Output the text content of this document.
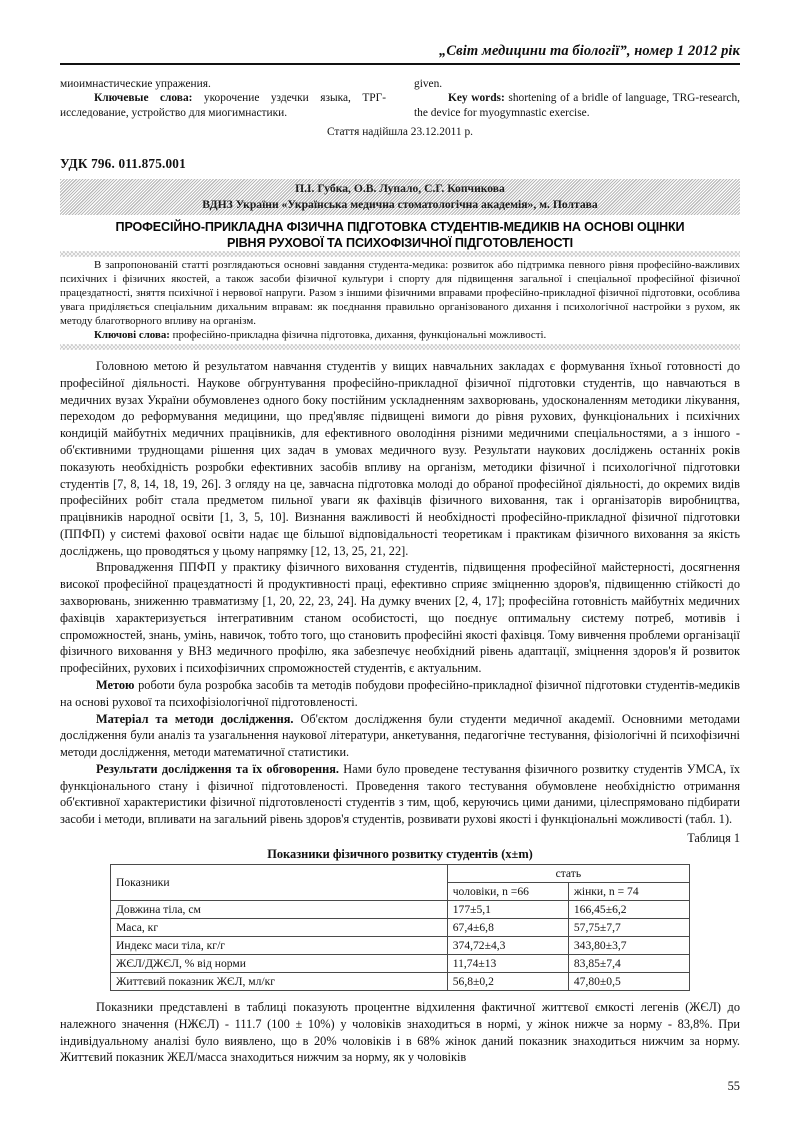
„Світ медицини та біології”, номер 1 2012 рік

миоимнастические упражения.

Ключевые слова: укорочение уздечки языка, ТРГ-исследование, устройство для миогимнастики.

given.

Key words: shortening of a bridle of language, TRG-research, the device for myogymnastic exercise.

Стаття надійшла 23.12.2011 р.
УДК 796. 011.875.001
П.І. Губка, О.В. Лупало, С.Г. Копчикова
ВДНЗ України «Українська медична стоматологічна академія», м. Полтава
ПРОФЕСІЙНО-ПРИКЛАДНА ФІЗИЧНА ПІДГОТОВКА СТУДЕНТІВ-МЕДИКІВ НА ОСНОВІ ОЦІНКИ
РІВНЯ РУХОВОЇ ТА ПСИХОФІЗИЧНОЇ ПІДГОТОВЛЕНОСТІ

В запропонованій статті розглядаються основні завдання студента-медика: розвиток або підтримка певного рівня професійно-важливих психічних і фізичних якостей, а також засоби фізичної культури і спорту для підвищення загальної і спеціальної професійної фізичної працездатності, зняття психічної і нервової напруги. Разом з іншими фізичними вправами професійно-прикладної фізичної підготовки, особлива увага приділяється спеціальним дихальним вправам: як поєднання правильно організованого дихання і психологічної настройки з рухом, як методу благотворного впливу на організм.

Ключові слова: професійно-прикладна фізична підготовка, дихання, функціональні можливості.

Головною метою й результатом навчання студентів у вищих навчальних закладах є формування їхньої готовності до професійної діяльності. Наукове обгрунтування професійно-прикладної фізичної підготовки студентів, що навчаються в медичних вузах України обумовленез одного боку постійним ускладненням захворювань, удосконаленням методики лікування, переходом до реформування медицини, що пред'являє підвищені вимоги до рівня рухових, функціональних і психічних кондицій майбутніх медичних працівників, для ефективного оволодіння різними медичними спеціальностями, а з іншого - об'єктивними труднощами рішення цих задач в умовах медичного вузу. Результати наукових досліджень останніх років показують необхідність розробки ефективних засобів впливу на організм, методики фізичної і психологічної підготовки студентів [7, 8, 14, 18, 19, 26]. З огляду на це, завчасна підготовка молоді до обраної професійної діяльності, до окремих видів професійних робіт стала предметом пильної уваги як фахівців фізичного виховання, так і організаторів виробництва, працівників народної освіти [1, 3, 5, 10]. Визнання важливості й необхідності професійно-прикладної фізичної підготовки (ППФП) у системі фахової освіти надає ще більшої відповідальності теоретикам і практикам фізичного виховання за якість досліджень, що проводяться у цьому напрямку [12, 13, 25, 21, 22].

Впровадження ППФП у практику фізичного виховання студентів, підвищення професійної майстерності, досягнення високої професійної працездатності й продуктивності праці, ефективно сприяє зміцненню здоров'я, підвищенню стійкості до захворювань, зниженню травматизму [1, 20, 22, 23, 24]. На думку вчених [2, 4, 17]; професійна готовність майбутніх медичних фахівців характеризується інтегративним станом особистості, що поєднує оптимальну систему потреб, мотивів і спроможностей, знань, умінь, навичок, тобто того, що становить професійні якості фахівця. Тому вивчення проблеми організації фізичного виховання у ВНЗ медичного профілю, яка забезпечує необхідний рівень адаптації, зміцнення здоров'я й розвиток професійних, рухових і психофізичних спроможностей студентів, є актуальним.

Метою роботи була розробка засобів та методів побудови професійно-прикладної фізичної підготовки студентів-медиків на основі рухової та психофізіологічної підготовленості.

Матеріал та методи дослідження. Об'єктом дослідження були студенти медичної академії. Основними методами дослідження були аналіз та узагальнення наукової літератури, анкетування, педагогічне тестування, фізіологічні й психофізичні методи дослідження, методи математичної статистики.

Результати дослідження та їх обговорення. Нами було проведене тестування фізичного розвитку студентів УМСА, їх функціонального стану і фізичної підготовленості. Проведення такого тестування обумовлене необхідністю отримання об'єктивної характеристики фізичної підготовленості студентів з тим, щоб, керуючись цими даними, цілеспрямовано підбирати засоби і методи, впливати на загальний рівень здоров'я студентів, розвивати рухові якості і функціональні можливості (табл. 1).

Таблиця 1
Показники фізичного розвитку студентів (x±m)
Показники	стать	
	чоловіки, n =66	жінки, n = 74
Довжина тіла, см	177±5,1	166,45±6,2
Маса, кг	67,4±6,8	57,75±7,7
Индекс маси тіла, кг/г	374,72±4,3	343,80±3,7
ЖЄЛ/ДЖЄЛ, % від норми	11,74±13	83,85±7,4
Життєвий показник ЖЄЛ, мл/кг	56,8±0,2	47,80±0,5

Показники представлені в таблиці показують процентне відхилення фактичної життєвої ємкості легенів (ЖЄЛ) до належного значення (НЖЄЛ) - 111.7 (100 ± 10%) у чоловіків знаходиться в нормі, у жінок нижче за норму - 83,8%. При індивідуальному аналізі було виявлено, що в 20% чоловіків і в 68% жінок даний показник знаходиться нижчим за норму. Життєвий показник ЖЕЛ/масса знаходиться нижчим за норму, як у чоловіків

55
